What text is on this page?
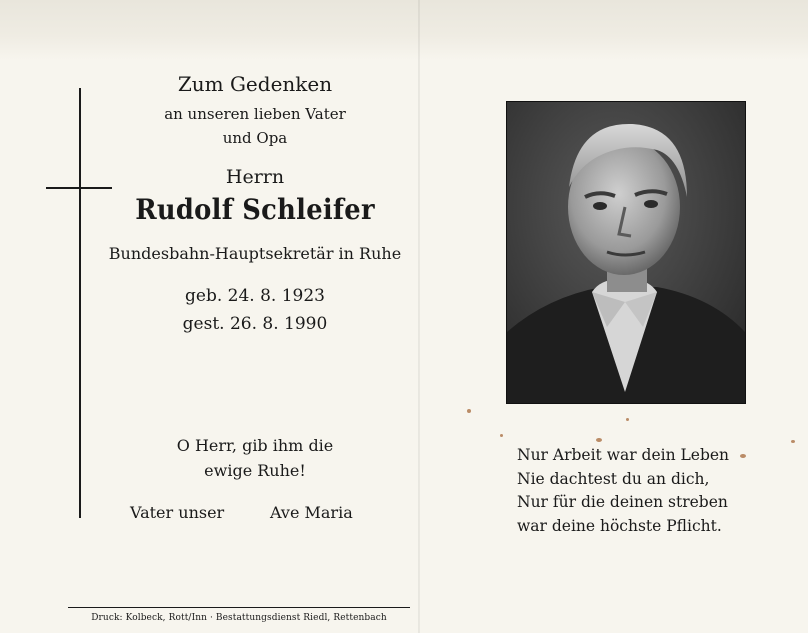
Zum Gedenken
an unseren lieben Vater
und Opa
Herrn
Rudolf Schleifer
Bundesbahn-Hauptsekretär in Ruhe
geb. 24. 8. 1923
gest. 26. 8. 1990
O Herr, gib ihm die
ewige Ruhe!
Vater unser	Ave Maria
Druck: Kolbeck, Rott/Inn · Bestattungsdienst Riedl, Rettenbach
Nur Arbeit war dein Leben
Nie dachtest du an dich,
Nur für die deinen streben
war deine höchste Pflicht.
